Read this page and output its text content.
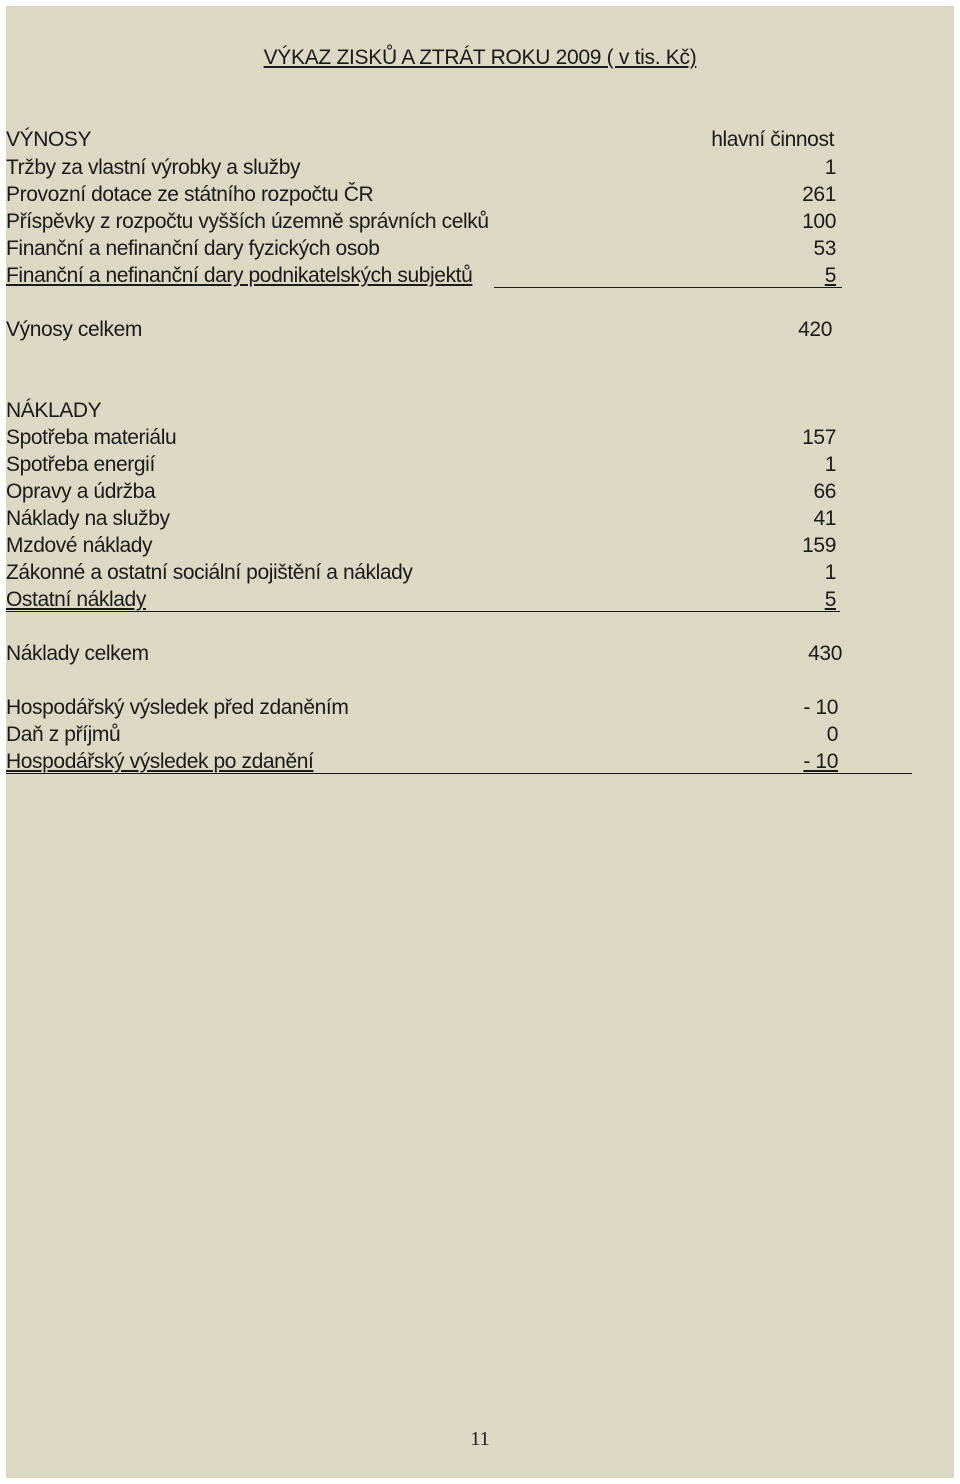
VÝKAZ ZISKŮ A ZTRÁT ROKU 2009 ( v tis. Kč)
VÝNOSY	hlavní činnost
Tržby za vlastní výrobky a služby	1
Provozní dotace ze státního rozpočtu ČR	261
Příspěvky z rozpočtu vyšších územně správních celků	100
Finanční a nefinanční dary fyzických osob	53
Finanční a nefinanční dary podnikatelských subjektů	5
Výnosy celkem	420
NÁKLADY
Spotřeba materiálu	157
Spotřeba energií	1
Opravy a údržba	66
Náklady na služby	41
Mzdové náklady	159
Zákonné a ostatní sociální pojištění a náklady	1
Ostatní náklady	5
Náklady celkem	430
Hospodářský výsledek před zdaněním	- 10
Daň z příjmů	0
Hospodářský výsledek po zdanění	- 10
11
